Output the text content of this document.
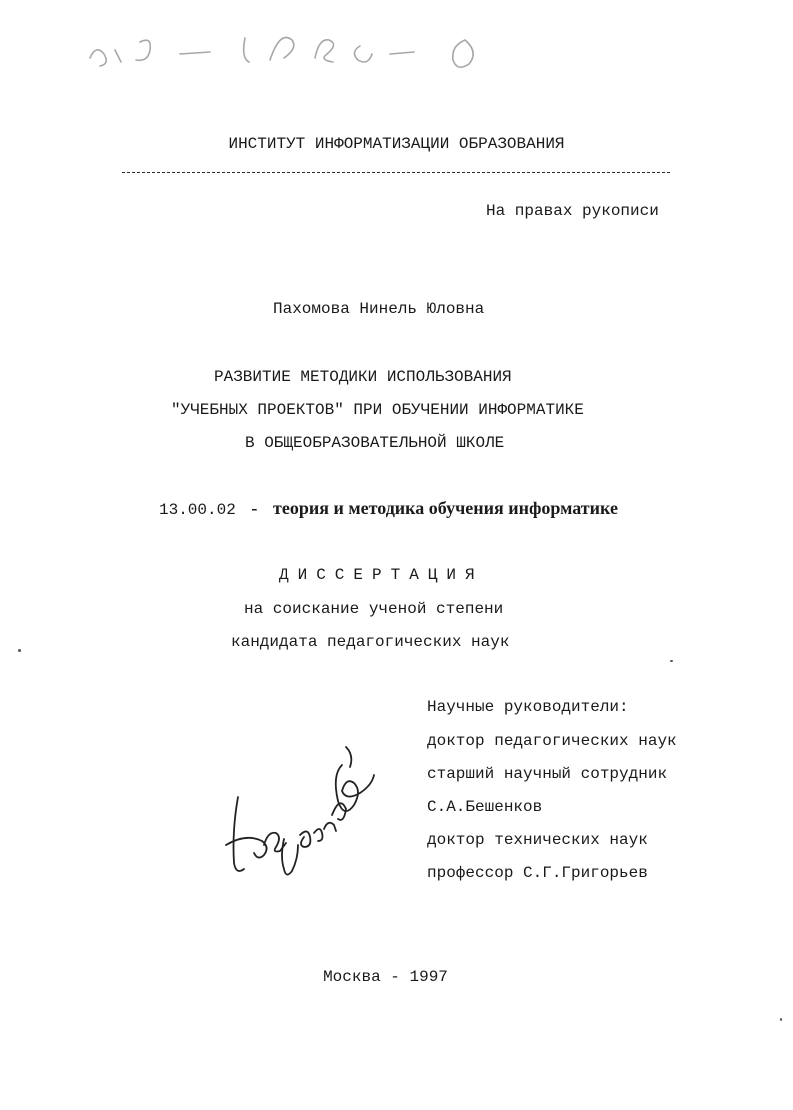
ИНСТИТУТ ИНФОРМАТИЗАЦИИ ОБРАЗОВАНИЯ
На правах рукописи
Пахомова Нинель Юловна
РАЗВИТИЕ МЕТОДИКИ ИСПОЛЬЗОВАНИЯ
"УЧЕБНЫХ ПРОЕКТОВ" ПРИ ОБУЧЕНИИ ИНФОРМАТИКЕ
В ОБЩЕОБРАЗОВАТЕЛЬНОЙ ШКОЛЕ
13.00.02 - теория и методика обучения информатике
ДИССЕРТАЦИЯ
на соискание ученой степени
кандидата педагогических наук
Научные руководители:
доктор педагогических наук
старший научный сотрудник
С.А.Бешенков
доктор технических наук
профессор С.Г.Григорьев
Москва - 1997
